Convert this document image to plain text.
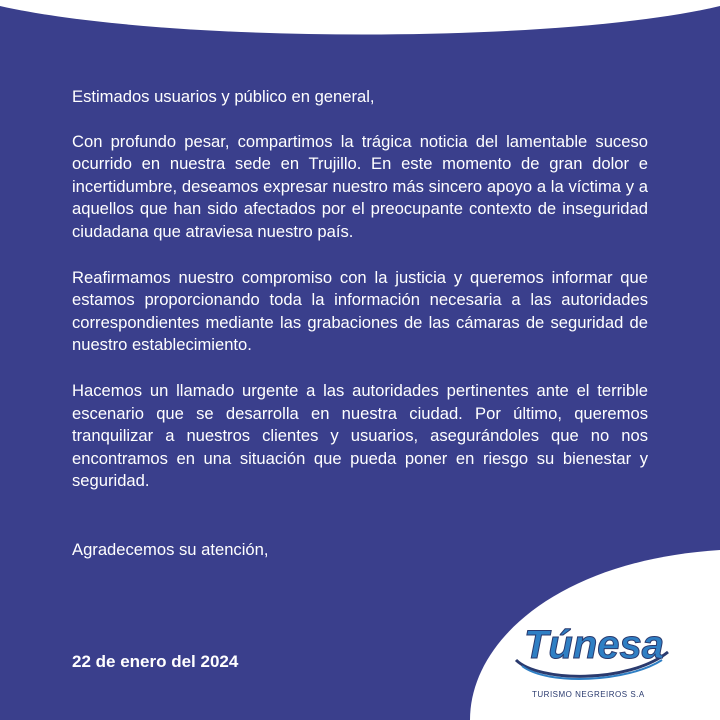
Estimados usuarios y público en general,

Con profundo pesar, compartimos la trágica noticia del lamentable suceso ocurrido en nuestra sede en Trujillo. En este momento de gran dolor e incertidumbre, deseamos expresar nuestro más sincero apoyo a la víctima y a aquellos que han sido afectados por el preocupante contexto de inseguridad ciudadana que atraviesa nuestro país.

Reafirmamos nuestro compromiso con la justicia y queremos informar que estamos proporcionando toda la información necesaria a las autoridades correspondientes mediante las grabaciones de las cámaras de seguridad de nuestro establecimiento.

Hacemos un llamado urgente a las autoridades pertinentes ante el terrible escenario que se desarrolla en nuestra ciudad. Por último, queremos tranquilizar a nuestros clientes y usuarios, asegurándoles que no nos encontramos en una situación que pueda poner en riesgo su bienestar y seguridad.

Agradecemos su atención,

22 de enero del 2024	Túnesa
TURISMO NEGREIROS S.A
